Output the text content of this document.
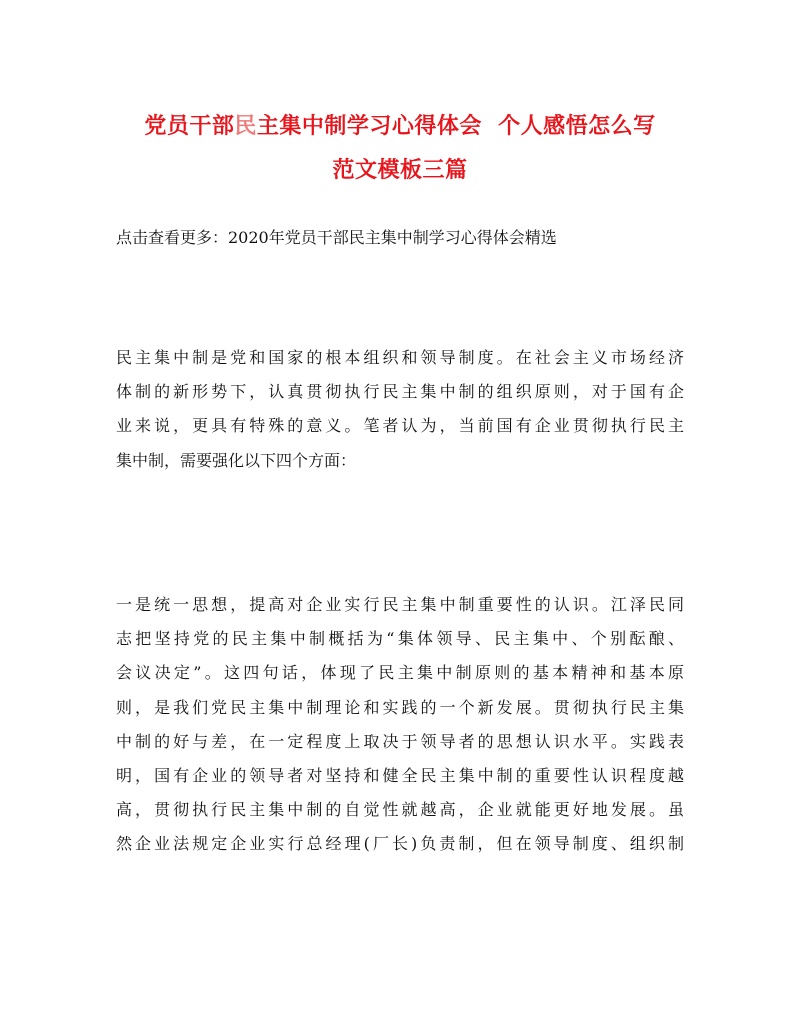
党员干部民主集中制学习心得体会  个人感悟怎么写
范文模板三篇
点击查看更多：2020年党员干部民主集中制学习心得体会精选
民主集中制是党和国家的根本组织和领导制度。在社会主义市场经济
体制的新形势下，认真贯彻执行民主集中制的组织原则，对于国有企
业来说，更具有特殊的意义。笔者认为，当前国有企业贯彻执行民主
集中制，需要强化以下四个方面：
一是统一思想，提高对企业实行民主集中制重要性的认识。江泽民同
志把坚持党的民主集中制概括为“集体领导、民主集中、个别酝酿、
会议决定”。这四句话，体现了民主集中制原则的基本精神和基本原
则，是我们党民主集中制理论和实践的一个新发展。贯彻执行民主集
中制的好与差，在一定程度上取决于领导者的思想认识水平。实践表
明，国有企业的领导者对坚持和健全民主集中制的重要性认识程度越
高，贯彻执行民主集中制的自觉性就越高，企业就能更好地发展。虽
然企业法规定企业实行总经理(厂长)负责制，但在领导制度、组织制
